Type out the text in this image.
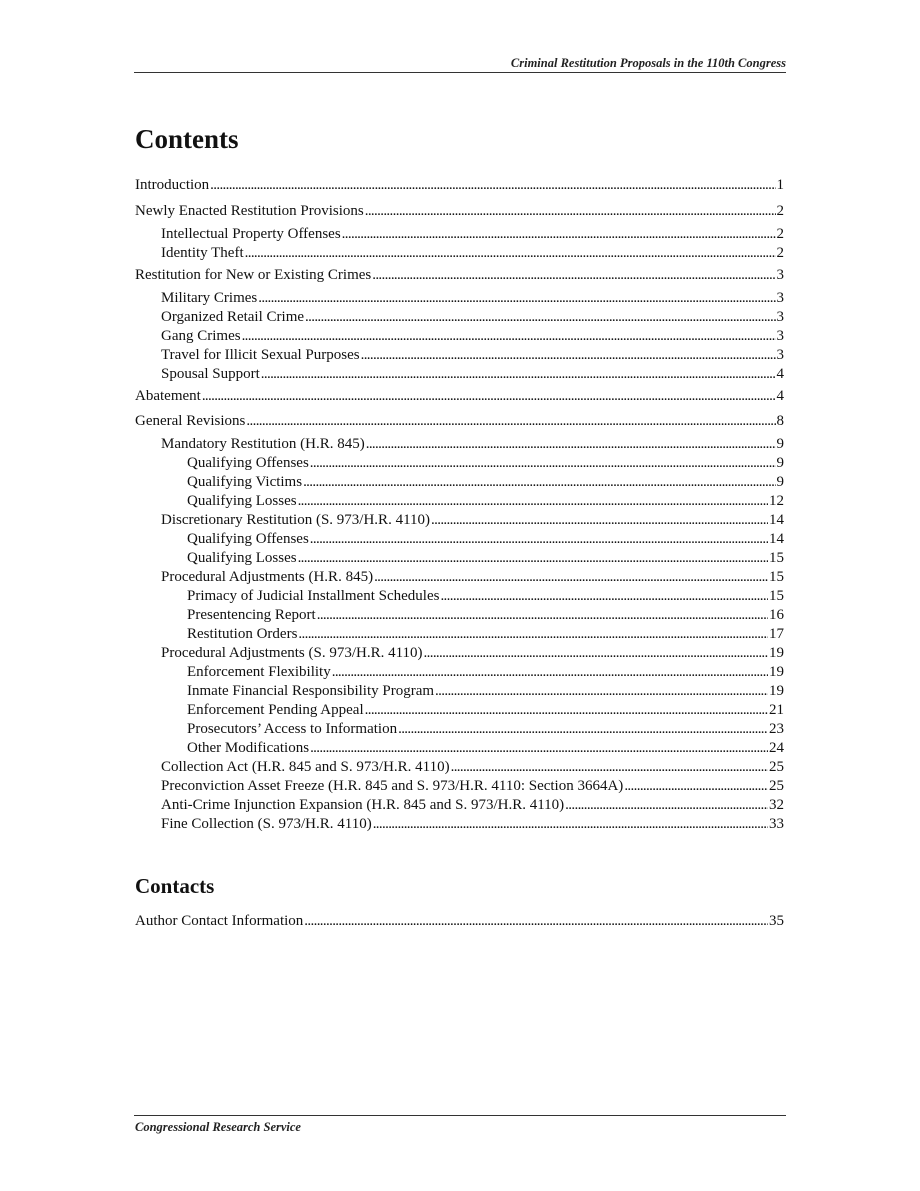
Criminal Restitution Proposals in the 110th Congress
Contents
Introduction . . .	1
Newly Enacted Restitution Provisions . . .	2
Intellectual Property Offenses . . .	2
Identity Theft . . .	2
Restitution for New or Existing Crimes . . .	3
Military Crimes . . .	3
Organized Retail Crime . . .	3
Gang Crimes . . .	3
Travel for Illicit Sexual Purposes . . .	3
Spousal Support . . .	4
Abatement . . .	4
General Revisions . . .	8
Mandatory Restitution (H.R. 845) . . .	9
Qualifying Offenses . . .	9
Qualifying Victims . . .	9
Qualifying Losses . . .	12
Discretionary Restitution (S. 973/H.R. 4110) . . .	14
Qualifying Offenses . . .	14
Qualifying Losses . . .	15
Procedural Adjustments (H.R. 845) . . .	15
Primacy of Judicial Installment Schedules . . .	15
Presentencing Report . . .	16
Restitution Orders . . .	17
Procedural Adjustments (S. 973/H.R. 4110) . . .	19
Enforcement Flexibility . . .	19
Inmate Financial Responsibility Program . . .	19
Enforcement Pending Appeal . . .	21
Prosecutors’ Access to Information . . .	23
Other Modifications . . .	24
Collection Act (H.R. 845 and S. 973/H.R. 4110) . . .	25
Preconviction Asset Freeze (H.R. 845 and S. 973/H.R. 4110: Section 3664A) . . .	25
Anti-Crime Injunction Expansion (H.R. 845 and S. 973/H.R. 4110) . . .	32
Fine Collection (S. 973/H.R. 4110) . . .	33
Contacts
Author Contact Information . . .	35
Congressional Research Service
